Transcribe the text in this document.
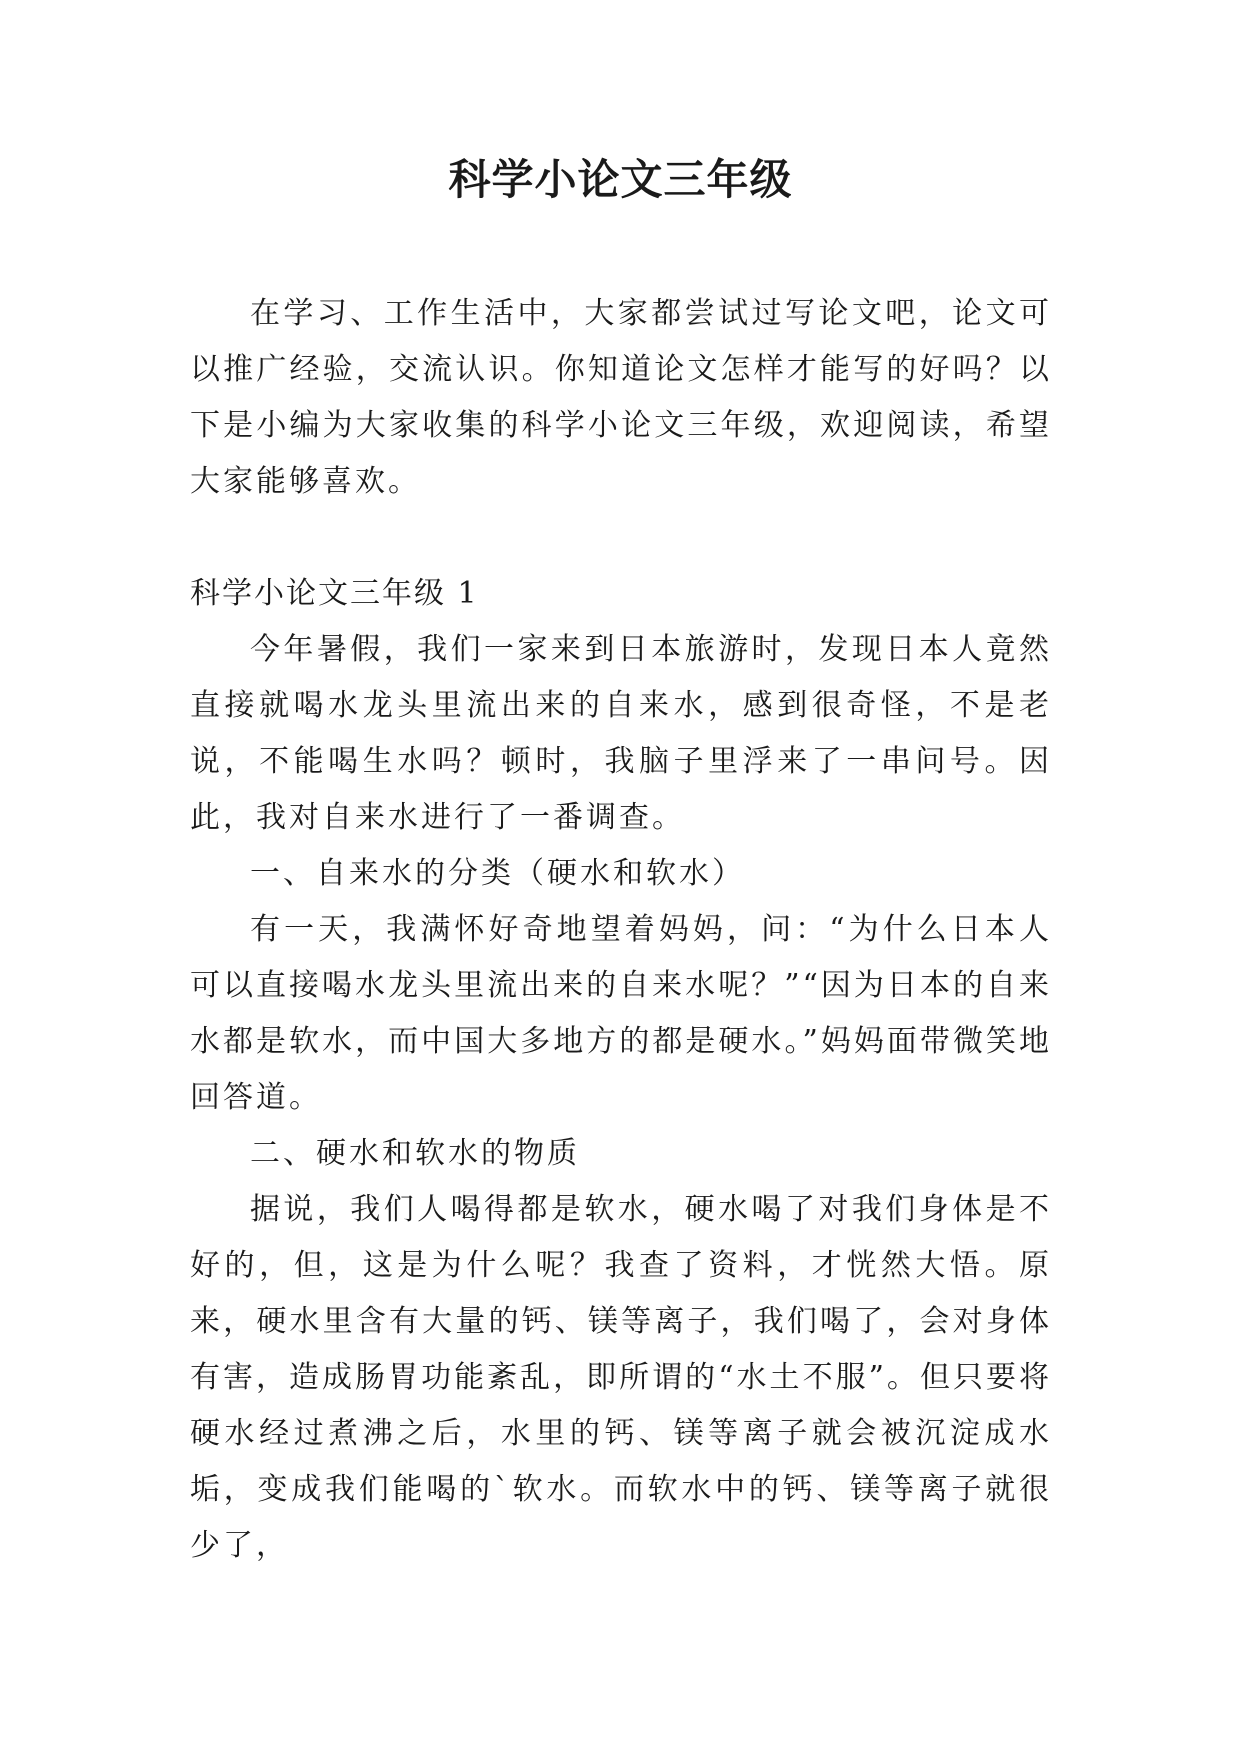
科学小论文三年级

在学习、工作生活中，大家都尝试过写论文吧，论文可以推广经验，交流认识。你知道论文怎样才能写的好吗？以下是小编为大家收集的科学小论文三年级，欢迎阅读，希望大家能够喜欢。

科学小论文三年级 1

今年暑假，我们一家来到日本旅游时，发现日本人竟然直接就喝水龙头里流出来的自来水，感到很奇怪，不是老说，不能喝生水吗？顿时，我脑子里浮来了一串问号。因此，我对自来水进行了一番调查。

一、自来水的分类（硬水和软水）

有一天，我满怀好奇地望着妈妈，问：“为什么日本人可以直接喝水龙头里流出来的自来水呢？”“因为日本的自来水都是软水，而中国大多地方的都是硬水。”妈妈面带微笑地回答道。

二、硬水和软水的物质

据说，我们人喝得都是软水，硬水喝了对我们身体是不好的，但，这是为什么呢？我查了资料，才恍然大悟。原来，硬水里含有大量的钙、镁等离子，我们喝了，会对身体有害，造成肠胃功能紊乱，即所谓的“水土不服”。但只要将硬水经过煮沸之后，水里的钙、镁等离子就会被沉淀成水垢，变成我们能喝的`软水。而软水中的钙、镁等离子就很少了，
